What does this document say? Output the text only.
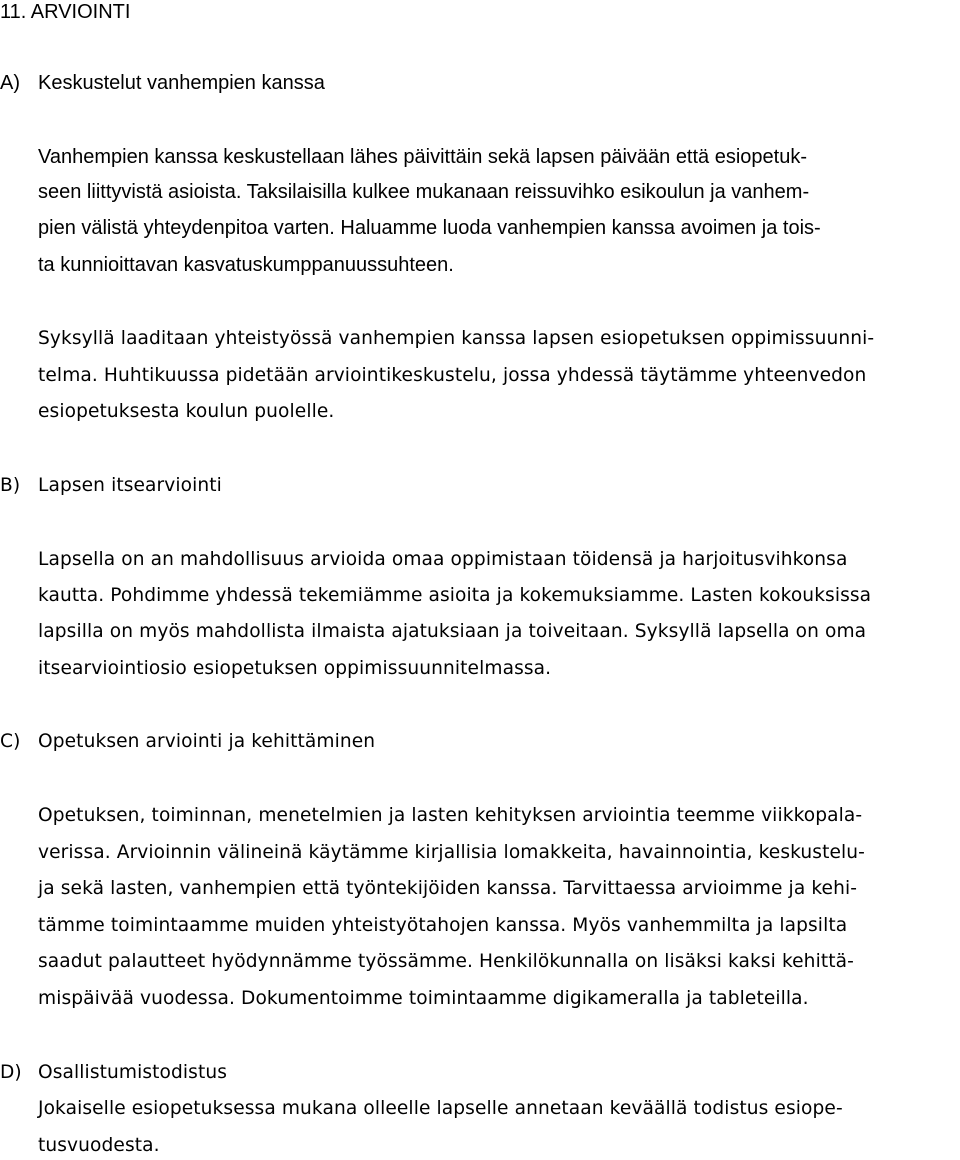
11. ARVIOINTI
A) Keskustelut vanhempien kanssa
Vanhempien kanssa keskustellaan lähes päivittäin sekä lapsen päivään että esiopetuk-
seen liittyvistä asioista. Taksilaisilla kulkee mukanaan reissuvihko esikoulun ja vanhem-
pien välistä yhteydenpitoa varten. Haluamme luoda vanhempien kanssa avoimen ja tois-
ta kunnioittavan kasvatuskumppanuussuhteen.
Syksyllä laaditaan yhteistyössä vanhempien kanssa lapsen esiopetuksen oppimissuunni-
telma. Huhtikuussa pidetään arviointikeskustelu, jossa yhdessä täytämme yhteenvedon
esiopetuksesta koulun puolelle.
B) Lapsen itsearviointi
Lapsella on an mahdollisuus arvioida omaa oppimistaan töidensä ja harjoitusvihkonsa
kautta. Pohdimme yhdessä tekemiämme asioita ja kokemuksiamme. Lasten kokouksissa
lapsilla on myös mahdollista ilmaista ajatuksiaan ja toiveitaan. Syksyllä lapsella on oma
itsearviointiosio esiopetuksen oppimissuunnitelmassa.
C) Opetuksen arviointi ja kehittäminen
Opetuksen, toiminnan, menetelmien ja lasten kehityksen arviointia teemme viikkopala-
verissa. Arvioinnin välineinä käytämme kirjallisia lomakkeita, havainnointia, keskustelu-
ja sekä lasten, vanhempien että työntekijöiden kanssa. Tarvittaessa arvioimme ja kehi-
tämme toimintaamme muiden yhteistyötahojen kanssa. Myös vanhemmilta ja lapsilta
saadut palautteet hyödynnämme työssämme. Henkilökunnalla on lisäksi kaksi kehittä-
mispäivää vuodessa. Dokumentoimme toimintaamme digikameralla ja tableteilla.
D) Osallistumistodistus
Jokaiselle esiopetuksessa mukana olleelle lapselle annetaan keväällä todistus esiope-
tusvuodesta.
